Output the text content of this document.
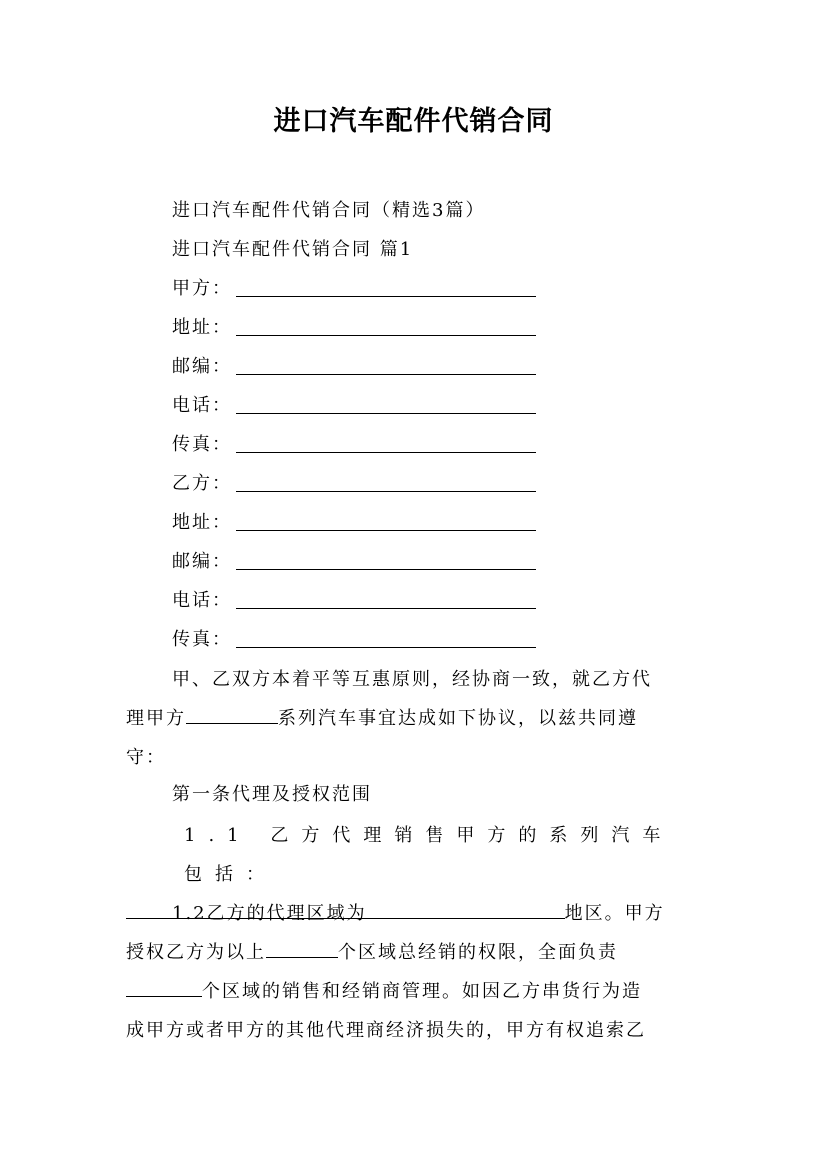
进口汽车配件代销合同
进口汽车配件代销合同（精选3篇）
进口汽车配件代销合同 篇1
甲方：
地址：
邮编：
电话：
传真：
乙方：
地址：
邮编：
电话：
传真：
甲、乙双方本着平等互惠原则，经协商一致，就乙方代
理甲方	系列汽车事宜达成如下协议，以兹共同遵
守：
第一条代理及授权范围
1.1 乙方代理销售甲方的系列汽车包括：
1.2乙方的代理区域为	地区。甲方
授权乙方为以上	个区域总经销的权限，全面负责
个区域的销售和经销商管理。如因乙方串货行为造
成甲方或者甲方的其他代理商经济损失的，甲方有权追索乙
